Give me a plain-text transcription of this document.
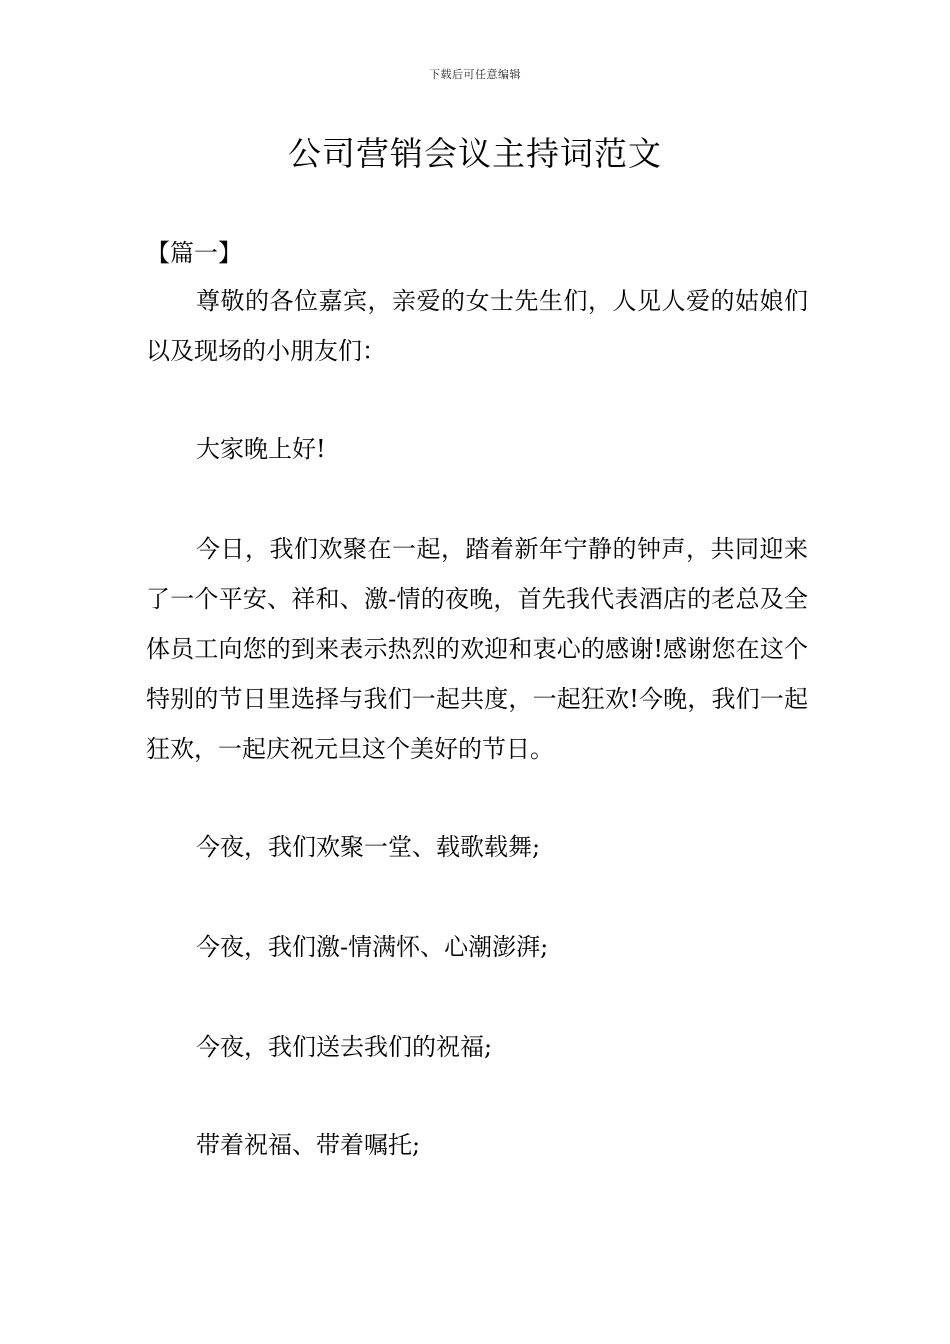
下载后可任意编辑
公司营销会议主持词范文
【篇一】

尊敬的各位嘉宾，亲爱的女士先生们，人见人爱的姑娘们以及现场的小朋友们：

大家晚上好!

今日，我们欢聚在一起，踏着新年宁静的钟声，共同迎来了一个平安、祥和、激-情的夜晚，首先我代表酒店的老总及全体员工向您的到来表示热烈的欢迎和衷心的感谢!感谢您在这个特别的节日里选择与我们一起共度，一起狂欢!今晚，我们一起狂欢，一起庆祝元旦这个美好的节日。

今夜，我们欢聚一堂、载歌载舞;

今夜，我们激-情满怀、心潮澎湃;

今夜，我们送去我们的祝福;

带着祝福、带着嘱托;
